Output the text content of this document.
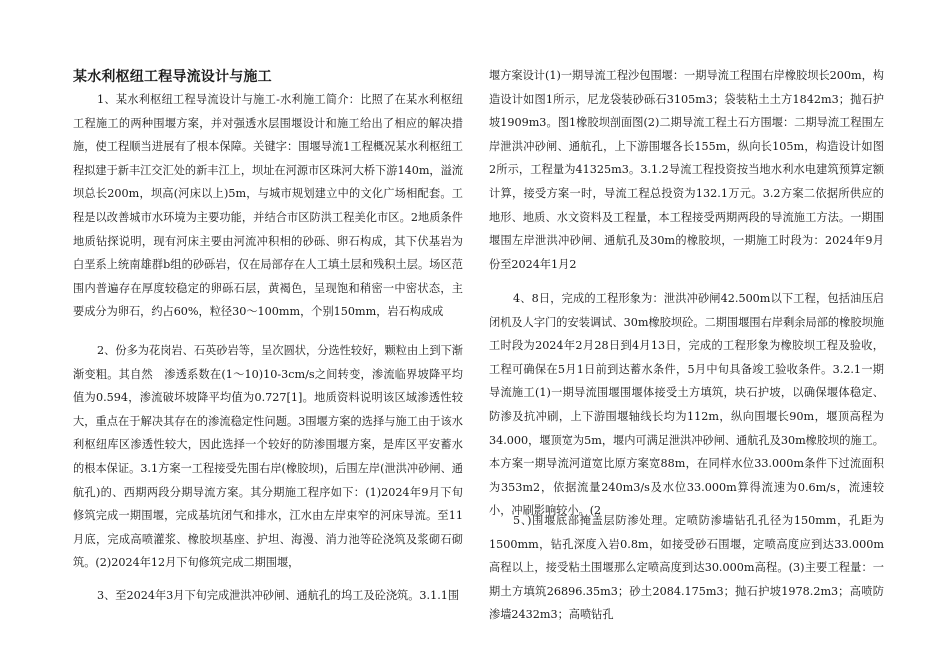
某水利枢纽工程导流设计与施工

1、某水利枢纽工程导流设计与施工-水利施工简介：比照了在某水利枢纽工程施工的两种围堰方案，并对强透水层围堰设计和施工给出了相应的解决措施，使工程顺当进展有了根本保障。关键字：围堰导流1工程概况某水利枢纽工程拟建于新丰江交汇处的新丰江上，坝址在河源市区珠河大桥下游140m，溢流坝总长200m，坝高(河床以上)5m，与城市规划建立中的文化广场相配套。工程是以改善城市水环境为主要功能，并结合市区防洪工程美化市区。2地质条件地质钻探说明，现有河床主要由河流冲积相的砂砾、卵石构成，其下伏基岩为白垩系上统南雄群b组的砂砾岩，仅在局部存在人工填土层和残积土层。场区范围内普遍存在厚度较稳定的卵砾石层，黄褐色，呈现饱和稍密一中密状态，主要成分为卵石，约占60%，粒径30～100mm，个别150mm，岩石构成成

2、份多为花岗岩、石英砂岩等，呈次圆状，分选性较好，颗粒由上到下渐渐变粗。其自然　渗透系数在(1～10)10-3cm/s之间转变，渗流临界坡降平均值为0.594，渗流破坏坡降平均值为0.727[1]。地质资料说明该区域渗透性较大，重点在于解决其存在的渗流稳定性问题。3围堰方案的选择与施工由于该水利枢纽库区渗透性较大，因此选择一个较好的防渗围堰方案，是库区平安蓄水的根本保证。3.1方案一工程接受先围右岸(橡胶坝)，后围左岸(泄洪冲砂闸、通航孔)的、西期两段分期导流方案。其分期施工程序如下：(1)2024年9月下旬修筑完成一期围堰，完成基坑闭气和排水，江水由左岸束窄的河床导流。至11月底，完成高喷灌浆、橡胶坝基座、护坦、海漫、消力池等砼浇筑及浆砌石砌筑。(2)2024年12月下旬修筑完成二期围堰，

3、至2024年3月下旬完成泄洪冲砂闸、通航孔的坞工及砼浇筑。3.1.1围

堰方案设计(1)一期导流工程沙包围堰：一期导流工程围右岸橡胶坝长200m，构造设计如图1所示，尼龙袋装砂砾石3105m3；袋装粘土土方1842m3；抛石护坡1909m3。图1橡胶坝剖面图(2)二期导流工程土石方围堰：二期导流工程围左岸泄洪冲砂闸、通航孔，上下游围堰各长155m，纵向长105m，构造设计如图2所示，工程量为41325m3。3.1.2导流工程投资按当地水利水电建筑预算定额计算，接受方案一时，导流工程总投资为132.1万元。3.2方案二依据所供应的地形、地质、水文资料及工程量，本工程接受两期两段的导流施工方法。一期围堰围左岸泄洪冲砂闸、通航孔及30m的橡胶坝，一期施工时段为：2024年9月份至2024年1月2

4、8日，完成的工程形象为：泄洪冲砂闸42.500m以下工程，包括油压启闭机及人字门的安装调试、30m橡胶坝砼。二期围堰围右岸剩余局部的橡胶坝施工时段为2024年2月28日到4月13日，完成的工程形象为橡胶坝工程及验收，工程可确保在5月1日前到达蓄水条件，5月中旬具备竣工验收条件。3.2.1一期导流施工(1)一期导流围堰围堰体接受土方填筑，块石护坡，以确保堰体稳定、防渗及抗冲刷，上下游围堰轴线长均为112m，纵向围堰长90m，堰顶高程为34.000，堰顶宽为5m，堰内可满足泄洪冲砂闸、通航孔及30m橡胶坝的施工。本方案一期导流河道宽比原方案宽88m，在同样水位33.000m条件下过流面积为353m2，依据流量240m3/s及水位33.000m算得流速为0.6m/s，流速较小，冲刷影响较小。(2

5、)围堰底部掩盖层防渗处理。定喷防渗墙钻孔孔径为150mm，孔距为1500mm，钻孔深度入岩0.8m，如接受砂石围堰，定喷高度应到达33.000m高程以上，接受粘土围堰那么定喷高度到达30.000m高程。(3)主要工程量：一期土方填筑26896.35m3；砂土2084.175m3；抛石护坡1978.2m3；高喷防渗墙2432m3；高喷钻孔
